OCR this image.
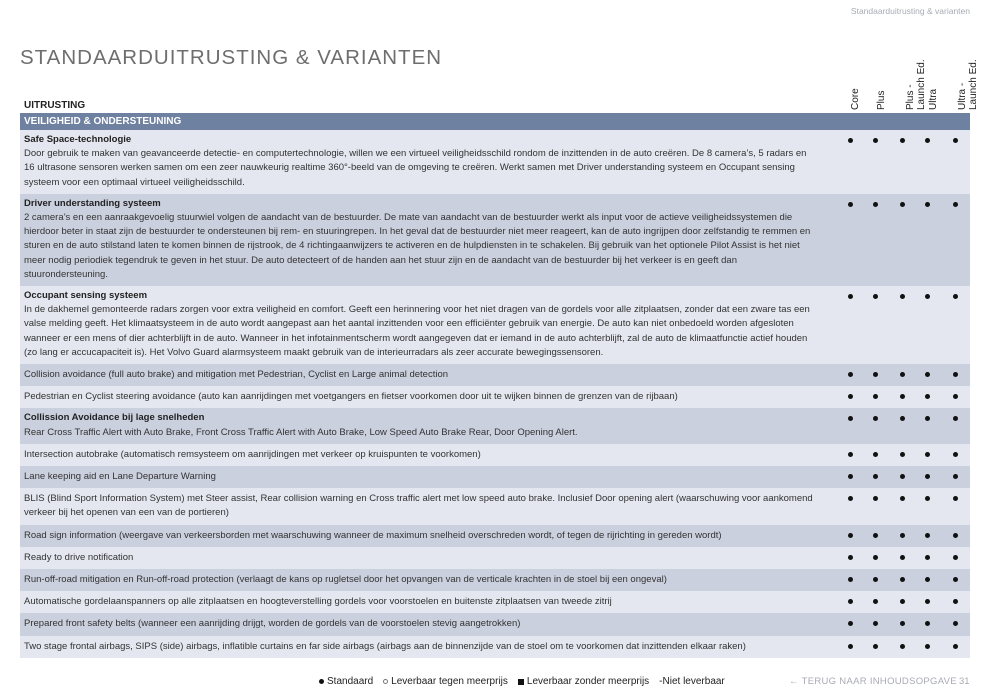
Standaarduitrusting & varianten
STANDAARDUITRUSTING & VARIANTEN
UITRUSTING	Core Plus Plus -
Launch Ed.
Ultra Ultra -
Launch Ed.
VEILIGHEID & ONDERSTEUNING
Safe Space-technologie
Door gebruik te maken van geavanceerde detectie- en computertechnologie, willen we een virtueel veiligheidsschild rondom de inzittenden in de auto creëren. De 8 camera’s, 5 radars en 16 ultrasone sensoren werken samen om een zeer nauwkeurig realtime 360°-beeld van de omgeving te creëren. Werkt samen met Driver understanding systeem en Occupant sensing systeem voor een optimaal virtueel veiligheidsschild.
Driver understanding systeem
2 camera’s en een aanraakgevoelig stuurwiel volgen de aandacht van de bestuurder. De mate van aandacht van de bestuurder werkt als input voor de actieve veiligheidssystemen die hierdoor beter in staat zijn de bestuurder te ondersteunen bij rem- en stuuringrepen. In het geval dat de bestuurder niet meer reageert, kan de auto ingrijpen door zelfstandig te remmen en sturen en de auto stilstand laten te komen binnen de rijstrook, de 4 richtingaanwijzers te activeren en de hulpdiensten in te schakelen. Bij gebruik van het optionele Pilot Assist is het niet meer nodig periodiek tegendruk te geven in het stuur. De auto detecteert of de handen aan het stuur zijn en de aandacht van de bestuurder bij het verkeer is en geeft dan stuurondersteuning.
Occupant sensing systeem
In de dakhemel gemonteerde radars zorgen voor extra veiligheid en comfort. Geeft een herinnering voor het niet dragen van de gordels voor alle zitplaatsen, zonder dat een zware tas een valse melding geeft. Het klimaatsysteem in de auto wordt aangepast aan het aantal inzittenden voor een efficiënter gebruik van energie. De auto kan niet onbedoeld worden afgesloten wanneer er een mens of dier achterblijft in de auto. Wanneer in het infotainmentscherm wordt aangegeven dat er iemand in de auto achterblijft, zal de auto de klimaatfunctie actief houden (zo lang er accucapaciteit is). Het Volvo Guard alarmsysteem maakt gebruik van de interieurradars als zeer accurate bewegingssensoren.
Collision avoidance (full auto brake) and mitigation met Pedestrian, Cyclist en Large animal detection
Pedestrian en Cyclist steering avoidance (auto kan aanrijdingen met voetgangers en fietser voorkomen door uit te wijken binnen de grenzen van de rijbaan)
Collission Avoidance bij lage snelheden
Rear Cross Traffic Alert with Auto Brake, Front Cross Traffic Alert with Auto Brake, Low Speed Auto Brake Rear, Door Opening Alert.
Intersection autobrake (automatisch remsysteem om aanrijdingen met verkeer op kruispunten te voorkomen)
Lane keeping aid en Lane Departure Warning
BLIS (Blind Sport Information System) met Steer assist, Rear collision warning en Cross traffic alert met low speed auto brake. Inclusief Door opening alert (waarschuwing voor aankomend verkeer bij het openen van een van de portieren)
Road sign information (weergave van verkeersborden met waarschuwing wanneer de maximum snelheid overschreden wordt, of tegen de rijrichting in gereden wordt)
Ready to drive notification
Run-off-road mitigation en Run-off-road protection (verlaagt de kans op rugletsel door het opvangen van de verticale krachten in de stoel bij een ongeval)
Automatische gordelaanspanners op alle zitplaatsen en hoogteverstelling gordels voor voorstoelen en buitenste zitplaatsen van tweede zitrij
Prepared front safety belts (wanneer een aanrijding drijgt, worden de gordels van de voorstoelen stevig aangetrokken)
Two stage frontal airbags, SIPS (side) airbags, inflatible curtains en far side airbags (airbags aan de binnenzijde van de stoel om te voorkomen dat inzittenden elkaar raken)
Standaard Leverbaar tegen meerprijs Leverbaar zonder meerprijs - Niet leverbaar	← TERUG NAAR INHOUDSOPGAVE 31
